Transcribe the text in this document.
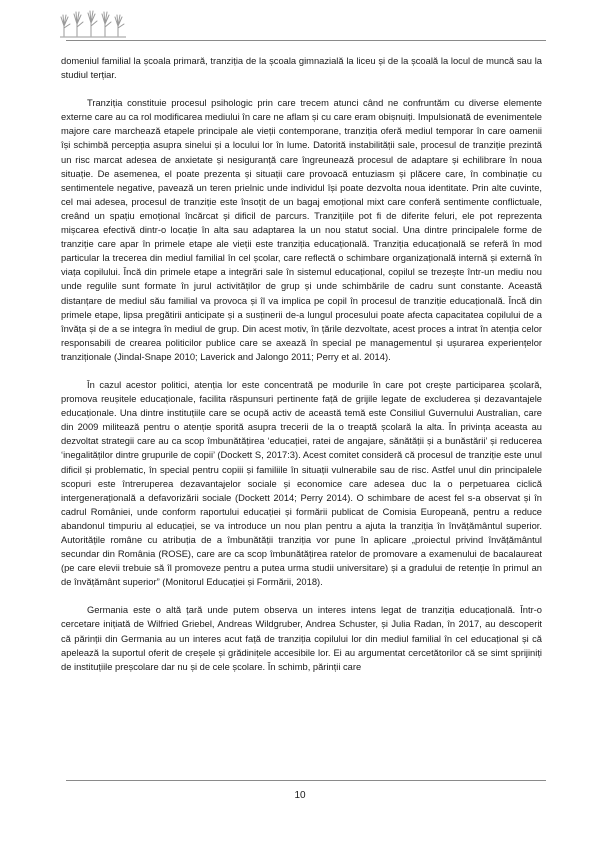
domeniul familial la școala primară, tranziția de la școala gimnazială la liceu și de la școală la locul de muncă sau la studiul terțiar.

Tranziția constituie procesul psihologic prin care trecem atunci când ne confruntăm cu diverse elemente externe care au ca rol modificarea mediului în care ne aflam și cu care eram obișnuiți. Impulsionată de evenimentele majore care marchează etapele principale ale vieții contemporane, tranziția oferă mediul temporar în care oamenii își schimbă percepția asupra sinelui și a locului lor în lume. Datorită instabilității sale, procesul de tranziție prezintă un risc marcat adesea de anxietate și nesiguranță care îngreunează procesul de adaptare și echilibrare în noua situație. De asemenea, el poate prezenta și situații care provoacă entuziasm și plăcere care, în combinație cu sentimentele negative, pavează un teren prielnic unde individul își poate dezvolta noua identitate. Prin alte cuvinte, cel mai adesea, procesul de tranziție este însoțit de un bagaj emoțional mixt care conferă sentimente conflictuale, creând un spațiu emoțional încărcat și dificil de parcurs. Tranzițiile pot fi de diferite feluri, ele pot reprezenta mișcarea efectivă dintr-o locație în alta sau adaptarea la un nou statut social. Una dintre principalele forme de tranziție care apar în primele etape ale vieții este tranziția educațională. Tranziția educațională se referă în mod particular la trecerea din mediul familial în cel școlar, care reflectă o schimbare organizațională internă și externă în viața copilului. Încă din primele etape a integrări sale în sistemul educațional, copilul se trezește într-un mediu nou unde regulile sunt formate în jurul activităților de grup și unde schimbările de cadru sunt constante. Această distanțare de mediul său familial va provoca și îl va implica pe copil în procesul de tranziție educațională. Încă din primele etape, lipsa pregătirii anticipate și a susținerii de-a lungul procesului poate afecta capacitatea copilului de a învăța și de a se integra în mediul de grup. Din acest motiv, în țările dezvoltate, acest proces a intrat în atenția celor responsabili de crearea politicilor publice care se axează în special pe managementul și ușurarea experiențelor tranziționale (Jindal-Snape 2010; Laverick and Jalongo 2011; Perry et al. 2014).

În cazul acestor politici, atenția lor este concentrată pe modurile în care pot crește participarea școlară, promova reușitele educaționale, facilita răspunsuri pertinente față de grijile legate de excluderea și dezavantajele educaționale. Una dintre instituțiile care se ocupă activ de această temă este Consiliul Guvernului Australian, care din 2009 militează pentru o atenție sporită asupra trecerii de la o treaptă școlară la alta. În privința aceasta au dezvoltat strategii care au ca scop îmbunătățirea ‘educației, ratei de angajare, sănătății și a bunăstării’ și reducerea ‘inegalităților dintre grupurile de copii’ (Dockett S, 2017:3). Acest comitet consideră că procesul de tranziție este unul dificil și problematic, în special pentru copiii și familiile în situații vulnerabile sau de risc. Astfel unul din principalele scopuri este întreruperea dezavantajelor sociale și economice care adesea duc la o perpetuarea ciclică intergenerațională a defavorizării sociale (Dockett 2014; Perry 2014). O schimbare de acest fel s-a observat și în cadrul României, unde conform raportului educației și formării publicat de Comisia Europeană, pentru a reduce abandonul timpuriu al educației, se va introduce un nou plan pentru a ajuta la tranziția în învățământul superior. Autoritățile române cu atribuția de a îmbunătății tranziția vor pune în aplicare „proiectul privind învățământul secundar din România (ROSE), care are ca scop îmbunătățirea ratelor de promovare a examenului de bacalaureat (pe care elevii trebuie să îl promoveze pentru a putea urma studii universitare) și a gradului de retenție în primul an de învățământ superior” (Monitorul Educației și Formării, 2018).

Germania este o altă țară unde putem observa un interes intens legat de tranziția educațională. Într-o cercetare inițiată de Wilfried Griebel, Andreas Wildgruber, Andrea Schuster, și Julia Radan, în 2017, au descoperit că părinții din Germania au un interes acut față de tranziția copilului lor din mediul familial în cel educațional și că apelează la suportul oferit de creșele și grădinițele accesibile lor. Ei au argumentat cercetătorilor că se simt sprijiniți de instituțiile preșcolare dar nu și de cele școlare. În schimb, părinții care

10
